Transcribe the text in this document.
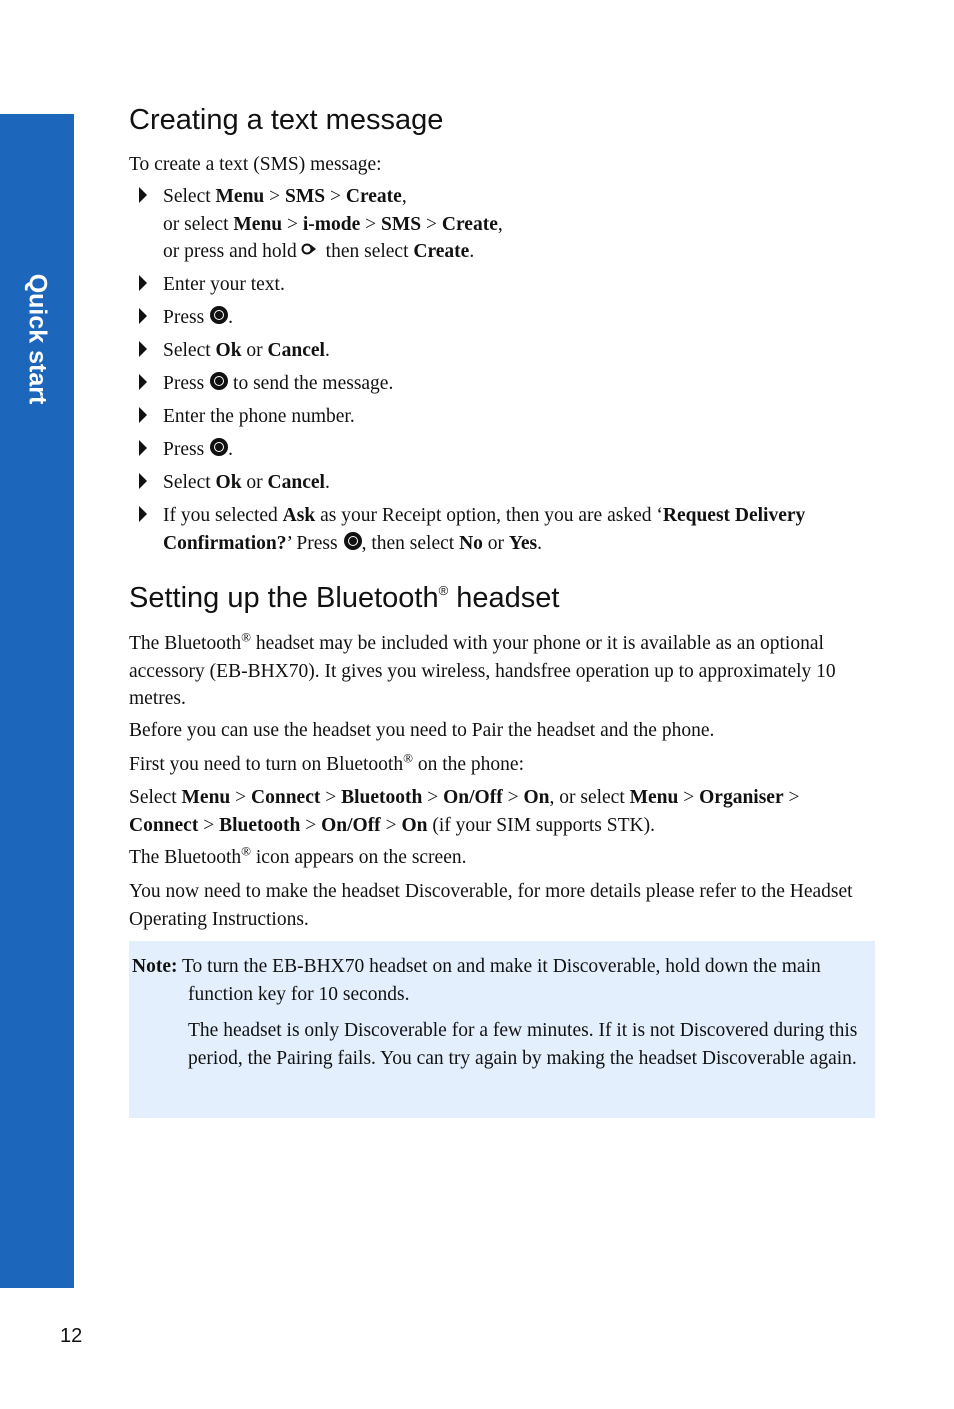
Quick start
Creating a text message

To create a text (SMS) message:

Select Menu > SMS > Create,
or select Menu > i-mode > SMS > Create,
or press and hold
then select Create.
Enter your text.
Press .
Select Ok or Cancel.
Press to send the message.
Enter the phone number.
Press .
Select Ok or Cancel.
If you selected Ask as your Receipt option, then you are asked ‘Request Delivery Confirmation?’ Press , then select No or Yes.
Setting up the Bluetooth® headset

The Bluetooth® headset may be included with your phone or it is available as an optional accessory (EB-BHX70). It gives you wireless, handsfree operation up to approximately 10 metres.

Before you can use the headset you need to Pair the headset and the phone.

First you need to turn on Bluetooth® on the phone:

Select Menu > Connect > Bluetooth > On/Off > On, or select Menu > Organiser >
Connect > Bluetooth > On/Off > On (if your SIM supports STK).

The Bluetooth® icon appears on the screen.

You now need to make the headset Discoverable, for more details please refer to the Headset Operating Instructions.

Note: To turn the EB-BHX70 headset on and make it Discoverable, hold down the main

function key for 10 seconds.

The headset is only Discoverable for a few minutes. If it is not Discovered during this period, the Pairing fails. You can try again by making the headset Discoverable again.

12
